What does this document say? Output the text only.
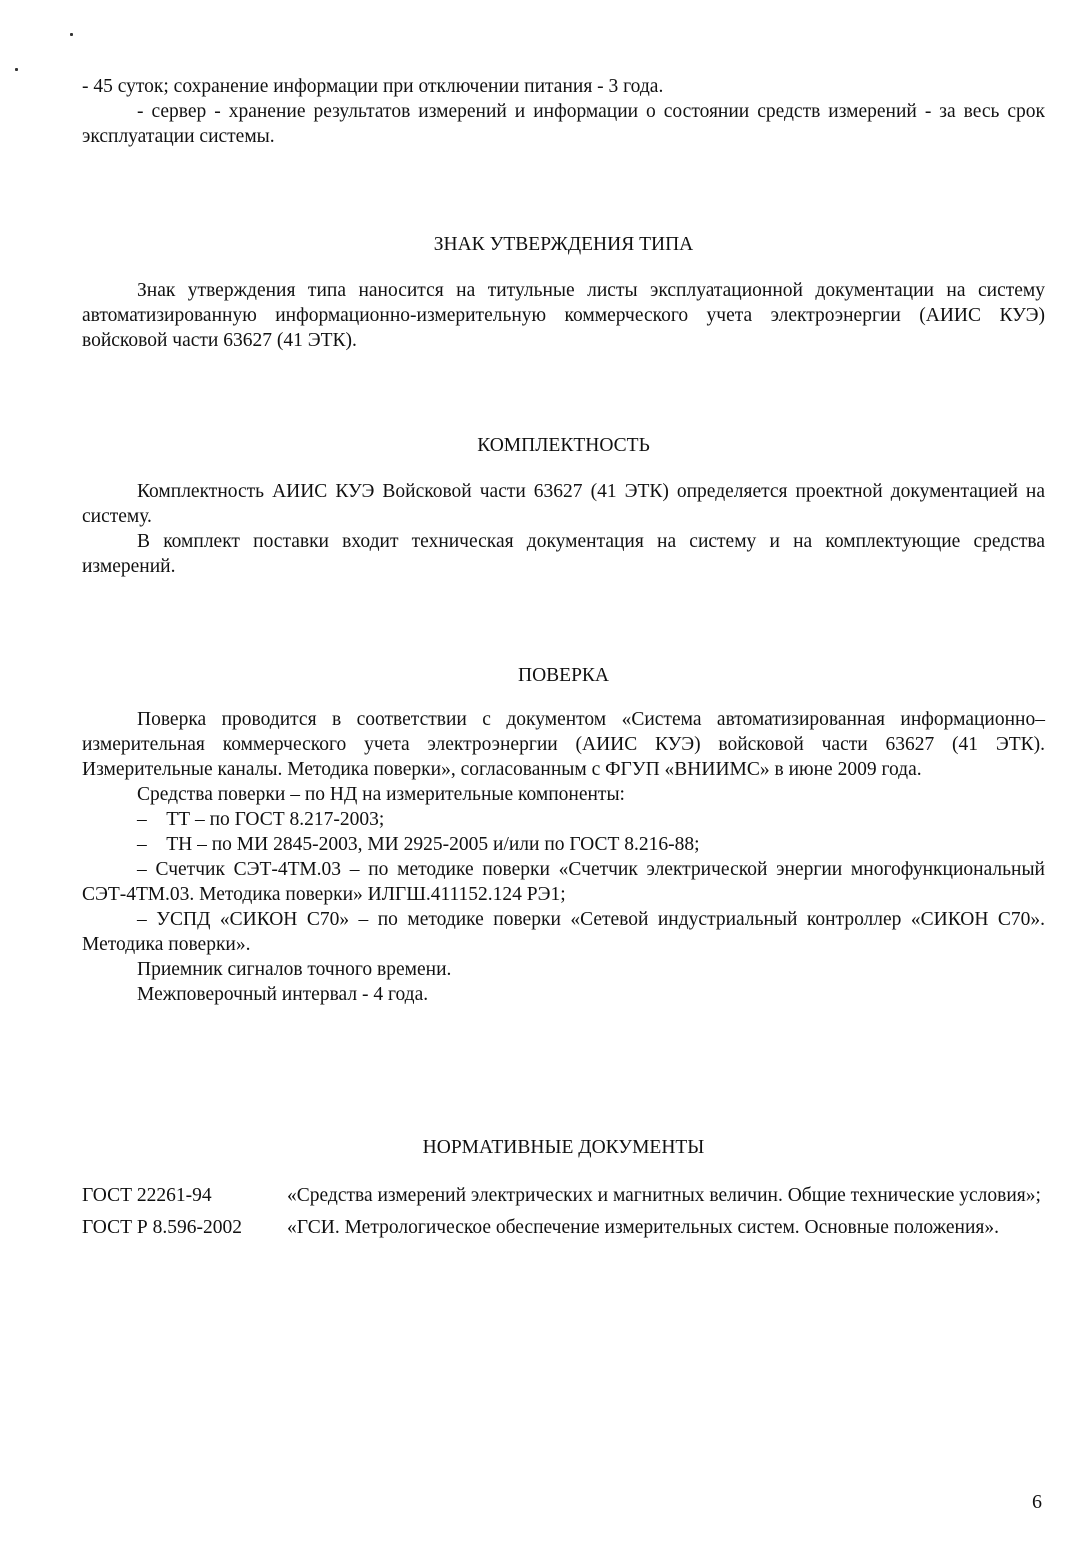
- 45 суток; сохранение информации при отключении питания - 3 года.

- сервер - хранение результатов измерений и информации о состоянии средств измерений - за весь срок эксплуатации системы.

ЗНАК УТВЕРЖДЕНИЯ ТИПА

Знак утверждения типа наносится на титульные листы эксплуатационной документации на систему автоматизированную информационно-измерительную коммерческого учета электроэнергии (АИИС КУЭ) войсковой части 63627 (41 ЭТК).

КОМПЛЕКТНОСТЬ

Комплектность АИИС КУЭ Войсковой части 63627 (41 ЭТК) определяется проектной документацией на систему.

В комплект поставки входит техническая документация на систему и на комплектующие средства измерений.

ПОВЕРКА

Поверка проводится в соответствии с документом «Система автоматизированная информационно–измерительная коммерческого учета электроэнергии (АИИС КУЭ) войсковой части 63627 (41 ЭТК). Измерительные каналы. Методика поверки», согласованным с ФГУП «ВНИИМС» в июне 2009 года.

Средства поверки – по НД на измерительные компоненты:

–    ТТ – по ГОСТ 8.217-2003;

–    ТН – по МИ 2845-2003, МИ 2925-2005 и/или по ГОСТ 8.216-88;

– Счетчик СЭТ-4ТМ.03 – по методике поверки «Счетчик электрической энергии многофункциональный СЭТ-4ТМ.03. Методика поверки» ИЛГШ.411152.124 РЭ1;

– УСПД «СИКОН С70» – по методике поверки «Сетевой индустриальный контроллер «СИКОН С70». Методика поверки».

Приемник сигналов точного времени.

Межповерочный интервал - 4 года.

НОРМАТИВНЫЕ ДОКУМЕНТЫ
ГОСТ 22261-94	«Средства измерений электрических и магнитных величин. Общие технические условия»;
ГОСТ Р 8.596-2002	«ГСИ. Метрологическое обеспечение измерительных систем. Основные положения».
6
